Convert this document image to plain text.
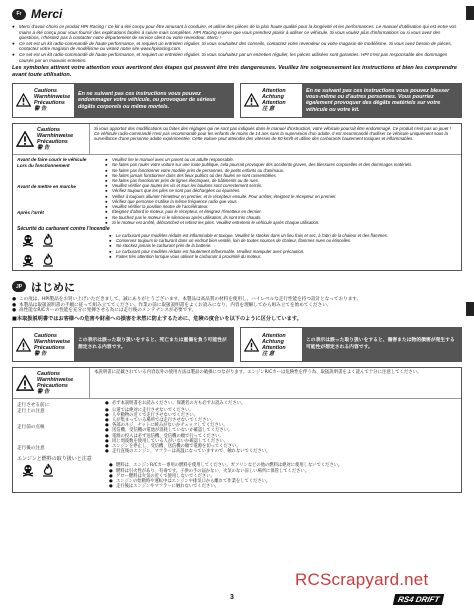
Fr Merci
● Merci d'avoir choisi ce produit HPI Racing ! Ce kit a été conçu pour être amusant à conduire, et utilise des pièces de la plus haute qualité pour la longévité et les performances. Le manuel d'utilisation qui est entre vos mains a été conçu pour vous fournir des explications faciles à suivre mais complètes. HPI Racing espère que vous prendrez plaisir à utiliser ce véhicule. Si vous voulez plus d'informations ou si vous avez des questions, n'hésitez pas à contacter notre département de service client ou votre revendeur. Merci !
● Ce set est un kit radio-commandé de haute performance, et requiert un entretien régulier. Si vous souhaitez des conseils, contactez votre revendeur ou votre magasin de modélisme. Si vous avez besoin de pièces, contactez votre magasin de modélisme ou visitez notre site www.hpiracing.com.
● Ce set est un kit radio-commandé de haute performance, et requiert un entretien régulier. Si vous souhaitez par un entretien régulier, les pièces utilisées sont garanties. HPI n'est pas responsable des dommages causés par un mauvais entretien.
Les symboles attirent votre attention vous avertiront des étapes qui peuvent être très dangereuses. Veuillez lire soigneusement les instructions et bien les comprendre avant toute utilisation.
Cautions
Warnhinweise
Précautions
警 告
En ne suivant pas ces instructions vous pouvez endommager votre véhicule, ou provoquer de sérieux dégâts corporels ou même mortels.
Attention
Achtung
Attention
注 意
En ne suivant pas ces instructions vous pouvez blesser vous-même ou d'autres personnes. Vous pourriez également provoquer des dégâts matériels sur votre véhicule ou votre kit.
Cautions
Warnhinweise
Précautions
警 告
Si vous apportez des modifications ou faites des réglages qui ne sont pas indiqués dans le manuel d'instruction, votre véhicule pourrait être endommagé. Ce produit n'est pas un jouet ! Ce véhicule radio-commandé n'est pas recommandé pour les enfants de moins de 14 ans sans la supervision d'un adulte. Il est recommandé d'utiliser ce véhicule uniquement sous la surveillance d'une personne adulte expérimentée. Cette voiture peut atteindre des vitesses de 50 km/h et utilise des carburants hautement toxiques et inflammables.
Avant de faire courir le véhicule	●	Veuillez lire le manuel avec un parent ou un adulte responsable.
Lors du fonctionnement	●	Ne faites pas rouler votre voiture sur une route publique, cela pourrait provoquer des accidents graves, des blessures corporelles et des dommages matériels.
●	Ne faites pas fonctionner votre modèle près de personnes, de petits enfants ou d'animaux.
●	Ne faites jamais fonctionner dans des lieux publics où des foules se sont rassemblées.
●	Ne faites pas fonctionner près de lignes électriques, de bâtiments ou de rues.
Avant de mettre en marche	●	Veuillez vérifier que toutes les vis et tous les boulons sont correctement serrés.
●	Vérifiez toujours que les piles ne sont pas déchargées ou épuisées.
●	Veillez à toujours allumer l'émetteur en premier, et le récepteur ensuite. Pour arrêter, éteignez le récepteur en premier.
●	Vérifiez que personne n'utilise la même fréquence radio que vous.
●	Veuillez vérifier la position neutre de l'accélérateur.
Après l'arrêt	●	Éteignez d'abord le moteur, puis le récepteur, et éteignez l'émetteur en dernier.
●	Ne touchez pas le moteur ni le silencieux après utilisation, ils sont très chauds.
●	Si le moteur est arrêté, débranchez et retirez les piles. Veuillez entretenir le véhicule après chaque utilisation.
Sécurité du carburant contre l'incendie
●	Le carburant pour modèles réduits est inflammable et toxique. Veuillez le stocker dans un lieu frais et sec, à l'abri de la chaleur et des flammes.
●	Conservez toujours le carburant dans un endroit bien ventilé, loin de toutes sources de chaleur, flammes nues ou étincelles.
●	Ne stockez jamais le carburant près de la batterie.
●	Le carburant pour modèles réduits est hautement inflammable. Veuillez manipuler avec précaution.
●	Faites très attention lorsque vous utilisez le carburant à proximité du moteur.
JP はじめに
● この度は、HPI製品をお買い上げいただきまして、誠にありがとうございます。本製品は高品質の材料を使用し、ハイレベルな走行性能を持つ設計となっております。
● 本製品は取扱説明書の手順に従って組み立ててください。作業の前に取扱説明書をよくお読みになり、内容を理解してから組み立てを始めてください。
● 高性能なR/Cカーの性能を充分に発揮させる為には走行後のメンテナンスが必要です。
■本取扱説明書ではお客様への危害や財産への損害を未然に防止するために、危険の度合いを以下のように区分しています。
Cautions
Warnhinweise
Précautions
警 告
この表示は誤った取り扱いをすると、死亡または重傷を負う可能性が想定される内容です。
Attention
Achtung
Attention
注 意
この表示は誤った取り扱いをすると、傷害または物的損害が発生する可能性が想定される内容です。
Cautions
Warnhinweise
Précautions
警 告
本説明書に記載されている内容以外の使用方法は製品の破損につながります。エンジンR/Cカーは危険性を伴う為、取扱説明書をよく読んで十分に注意してください。
走行させる前に	● 必ず本説明書をお読みください。保護者の方も必ずお読みください。
走行上の注意	● 公道では絶対に走行させないでください。
● 人や動物の近くで走行させないでください。
● 人が集まっている場所では走行させないでください。
走行前の点検	● 各部のネジ、ナットに緩みがないかチェックしてください。
● 送信機、受信機の電池が消耗していないか確認してください。
● 電源の投入は必ず送信機、受信機の順で行ってください。
● 同じ周波数を使用している人がいないか確認してください。
走行後の注意	● エンジンを停止し、受信機、送信機の順で電源を切ってください。
● 走行直後のエンジン、マフラーは高温になっていますので、触れないでください。
エンジンと燃料の取り扱いと注意
● 燃料は、エンジンR/Cカー専用の燃料を使用してください。ガソリンなどの他の燃料は絶対に使用しないでください。
● 燃料は引火性があり、有毒です。子供の手の届かない、火気のない涼しい場所に保管してください。
● グロー燃料は火気の近くで使用しないでください。
● エンジンの始動時や運転中はエンジンや排気口から離れて作業をしてください。
● 走行後はエンジンやマフラーに触れないでください。
RCScrapyard.net
3	RS4 DRIFT
